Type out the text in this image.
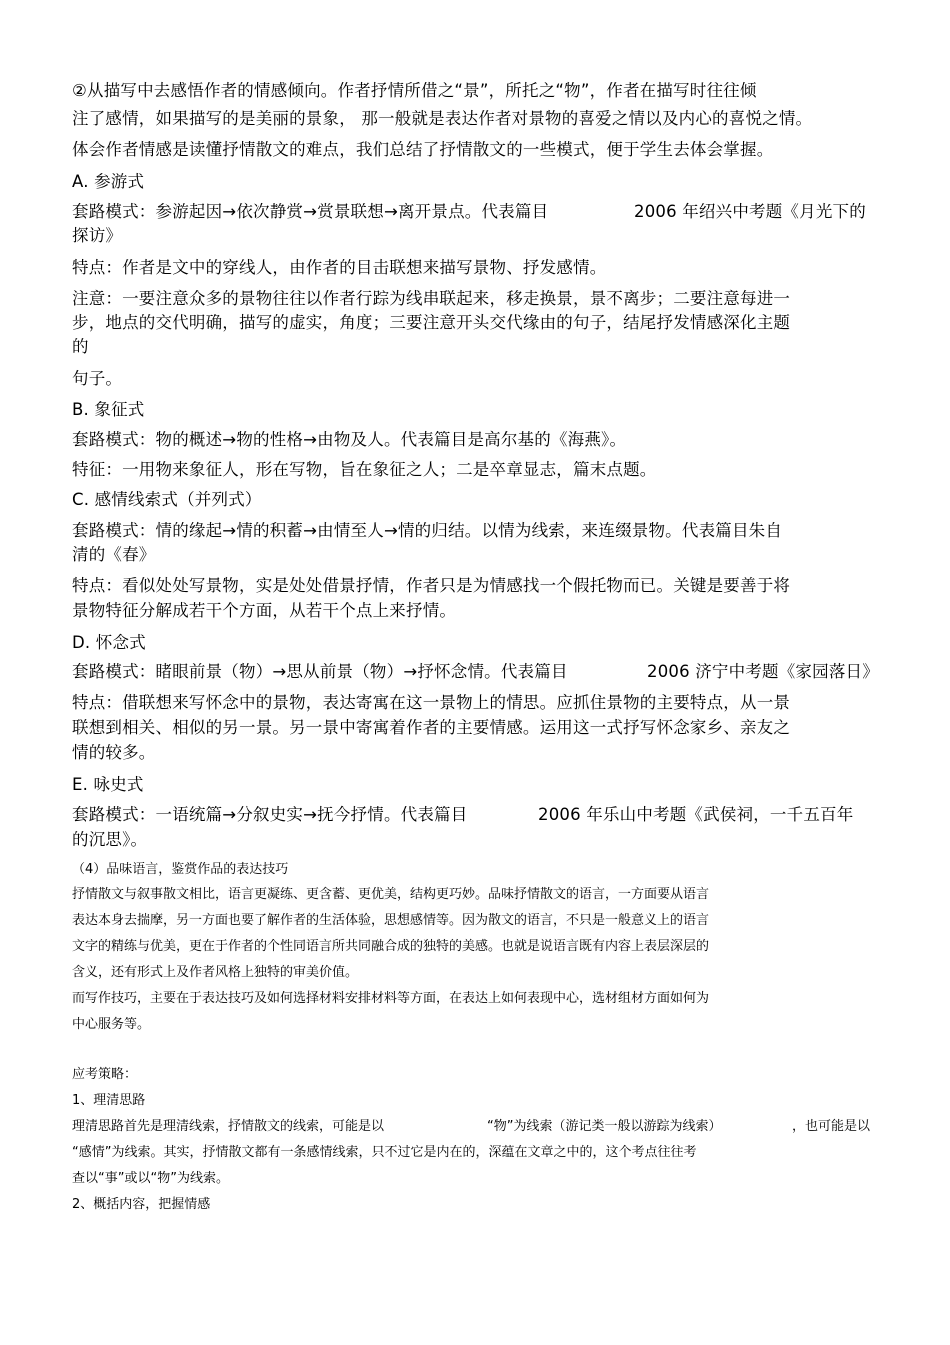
②从描写中去感悟作者的情感倾向。作者抒情所借之“景”，所托之“物”，作者在描写时往往倾
注了感情，如果描写的是美丽的景象， 那一般就是表达作者对景物的喜爱之情以及内心的喜悦之情。
体会作者情感是读懂抒情散文的难点，我们总结了抒情散文的一些模式，便于学生去体会掌握。
A. 参游式
套路模式：参游起因→依次静赏→赏景联想→离开景点。代表篇目	2006 年绍兴中考题《月光下的
探访》
特点：作者是文中的穿线人，由作者的目击联想来描写景物、抒发感情。
注意：一要注意众多的景物往往以作者行踪为线串联起来，移走换景，景不离步；二要注意每进一
步，地点的交代明确，描写的虚实，角度；三要注意开头交代缘由的句子，结尾抒发情感深化主题
的
句子。
B. 象征式
套路模式：物的概述→物的性格→由物及人。代表篇目是高尔基的《海燕》。
特征：一用物来象征人，形在写物，旨在象征之人；二是卒章显志，篇末点题。
C. 感情线索式（并列式）
套路模式：情的缘起→情的积蓄→由情至人→情的归结。以情为线索，来连缀景物。代表篇目朱自
清的《春》
特点：看似处处写景物，实是处处借景抒情，作者只是为情感找一个假托物而已。关键是要善于将
景物特征分解成若干个方面，从若干个点上来抒情。
D. 怀念式
套路模式：睹眼前景（物）→思从前景（物）→抒怀念情。代表篇目	2006 济宁中考题《家园落日》
特点：借联想来写怀念中的景物，表达寄寓在这一景物上的情思。应抓住景物的主要特点，从一景
联想到相关、相似的另一景。另一景中寄寓着作者的主要情感。运用这一式抒写怀念家乡、亲友之
情的较多。
E. 咏史式
套路模式：一语统篇→分叙史实→抚今抒情。代表篇目	2006 年乐山中考题《武侯祠，一千五百年
的沉思》。
（4）品味语言，鉴赏作品的表达技巧
抒情散文与叙事散文相比，语言更凝练、更含蓄、更优美，结构更巧妙。品味抒情散文的语言，一方面要从语言
表达本身去揣摩，另一方面也要了解作者的生活体验，思想感情等。因为散文的语言，不只是一般意义上的语言
文字的精练与优美，更在于作者的个性同语言所共同融合成的独特的美感。也就是说语言既有内容上表层深层的
含义，还有形式上及作者风格上独特的审美价值。
而写作技巧，主要在于表达技巧及如何选择材料安排材料等方面，在表达上如何表现中心，选材组材方面如何为
中心服务等。
应考策略：
1、理清思路
理清思路首先是理清线索，抒情散文的线索，可能是以	“物”为线索（游记类一般以游踪为线索）	，也可能是以
“感情”为线索。其实，抒情散文都有一条感情线索，只不过它是内在的，深蕴在文章之中的，这个考点往往考
查以“事”或以“物”为线索。
2、概括内容，把握情感
